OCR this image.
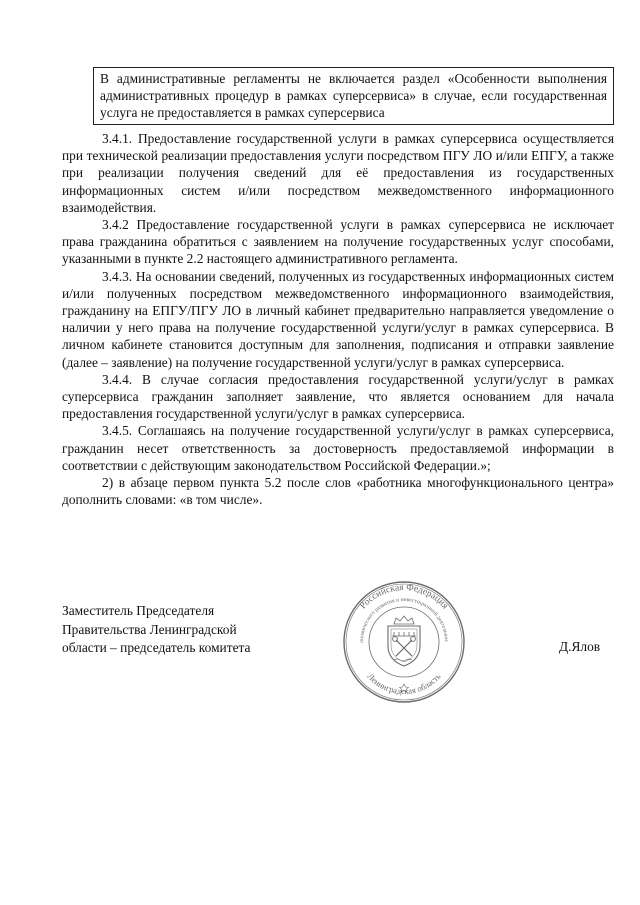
В административные регламенты не включается раздел «Особенности выполнения административных процедур в рамках суперсервиса» в случае, если государственная услуга не предоставляется в рамках суперсервиса

3.4.1. Предоставление государственной услуги в рамках суперсервиса осуществляется при технической реализации предоставления услуги посредством ПГУ ЛО и/или ЕПГУ, а также при реализации получения сведений для её предоставления из государственных информационных систем и/или посредством межведомственного информационного взаимодействия.

3.4.2 Предоставление государственной услуги в рамках суперсервиса не исключает права гражданина обратиться с заявлением на получение государственных услуг способами, указанными в пункте 2.2 настоящего административного регламента.

3.4.3. На основании сведений, полученных из государственных информационных систем и/или полученных посредством межведомственного информационного взаимодействия, гражданину на ЕПГУ/ПГУ ЛО в личный кабинет предварительно направляется уведомление о наличии у него права на получение государственной услуги/услуг в рамках суперсервиса. В личном кабинете становится доступным для заполнения, подписания и отправки заявление (далее – заявление) на получение государственной услуги/услуг в рамках суперсервиса.

3.4.4. В случае согласия предоставления государственной услуги/услуг в рамках суперсервиса гражданин заполняет заявление, что является основанием для начала предоставления государственной услуги/услуг в рамках суперсервиса.

3.4.5. Соглашаясь на получение государственной услуги/услуг в рамках суперсервиса, гражданин несет ответственность за достоверность предоставляемой информации в соответствии с действующим законодательством Российской Федерации.»;

2) в абзаце первом пункта 5.2 после слов «работника многофункционального центра» дополнить словами: «в том числе».

Заместитель Председателя
Правительства Ленинградской
области – председатель комитета	Д.Ялов
Российская Федерация
ономического развития и инвестиционной деятельнос
Ленинградская область
